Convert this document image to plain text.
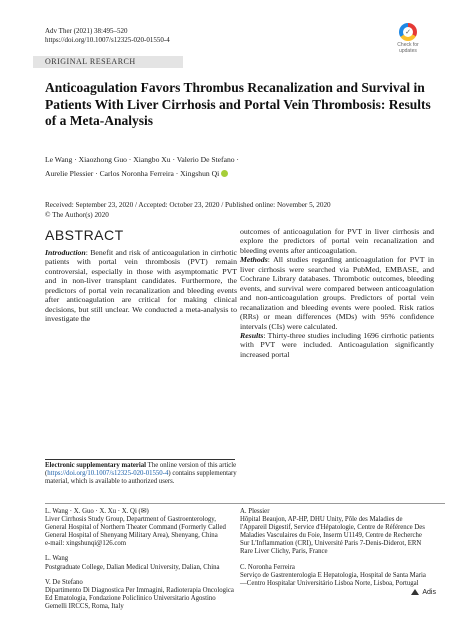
Adv Ther (2021) 38:495–520
https://doi.org/10.1007/s12325-020-01550-4
✓
Check for updates
ORIGINAL RESEARCH
Anticoagulation Favors Thrombus Recanalization and Survival in Patients With Liver Cirrhosis and Portal Vein Thrombosis: Results of a Meta-Analysis
Le Wang · Xiaozhong Guo · Xiangbo Xu · Valerio De Stefano ·
Aurelie Plessier · Carlos Noronha Ferreira · Xingshun Qi
Received: September 23, 2020 / Accepted: October 23, 2020 / Published online: November 5, 2020
© The Author(s) 2020
ABSTRACT

Introduction: Benefit and risk of anticoagulation in cirrhotic patients with portal vein thrombosis (PVT) remain controversial, especially in those with asymptomatic PVT and in non-liver transplant candidates. Furthermore, the predictors of portal vein recanalization and bleeding events after anticoagulation are critical for making clinical decisions, but still unclear. We conducted a meta-analysis to investigate the

outcomes of anticoagulation for PVT in liver cirrhosis and explore the predictors of portal vein recanalization and bleeding events after anticoagulation.

Methods: All studies regarding anticoagulation for PVT in liver cirrhosis were searched via PubMed, EMBASE, and Cochrane Library databases. Thrombotic outcomes, bleeding events, and survival were compared between anticoagulation and non-anticoagulation groups. Predictors of portal vein recanalization and bleeding events were pooled. Risk ratios (RRs) or mean differences (MDs) with 95% confidence intervals (CIs) were calculated.

Results: Thirty-three studies including 1696 cirrhotic patients with PVT were included. Anticoagulation significantly increased portal

Electronic supplementary material The online version of this article (https://doi.org/10.1007/s12325-020-01550-4) contains supplementary material, which is available to authorized users.

L. Wang · X. Guo · X. Xu · X. Qi (✉)
Liver Cirrhosis Study Group, Department of Gastroenterology, General Hospital of Northern Theater Command (Formerly Called General Hospital of Shenyang Military Area), Shenyang, China
e-mail: xingshunqi@126.com

L. Wang
Postgraduate College, Dalian Medical University, Dalian, China

V. De Stefano
Dipartimento Di Diagnostica Per Immagini, Radioterapia Oncologica Ed Ematologia, Fondazione Policlinico Universitario Agostino Gemelli IRCCS, Roma, Italy

A. Plessier
Hôpital Beaujon, AP-HP, DHU Unity, Pôle des Maladies de l'Appareil Digestif, Service d'Hépatologie, Centre de Référence Des Maladies Vasculaires du Foie, Inserm U1149, Centre de Recherche Sur L'Inflammation (CRI), Université Paris 7-Denis-Diderot, ERN Rare Liver Clichy, Paris, France

C. Noronha Ferreira
Serviço de Gastrenterologia E Hepatologia, Hospital de Santa Maria—Centro Hospitalar Universitário Lisboa Norte, Lisboa, Portugal

Adis
